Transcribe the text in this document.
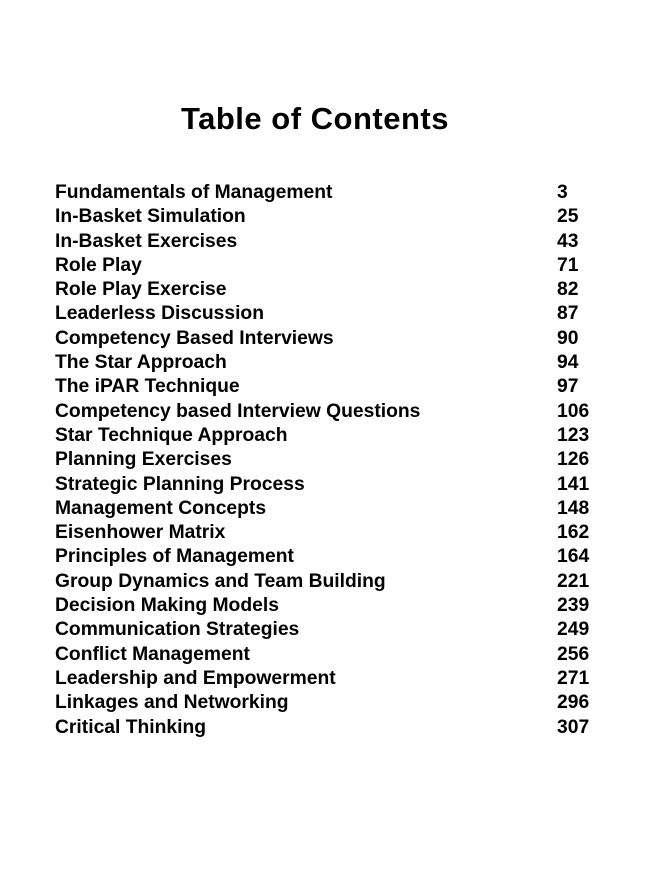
Table of Contents
Fundamentals of Management	3
In-Basket Simulation	25
In-Basket Exercises	43
Role Play	71
Role Play Exercise	82
Leaderless Discussion	87
Competency Based Interviews	90
The Star Approach	94
The iPAR Technique	97
Competency based Interview Questions	106
Star Technique Approach	123
Planning Exercises	126
Strategic Planning Process	141
Management Concepts	148
Eisenhower Matrix	162
Principles of Management	164
Group Dynamics and Team Building	221
Decision Making Models	239
Communication Strategies	249
Conflict Management	256
Leadership and Empowerment	271
Linkages and Networking	296
Critical Thinking	307
